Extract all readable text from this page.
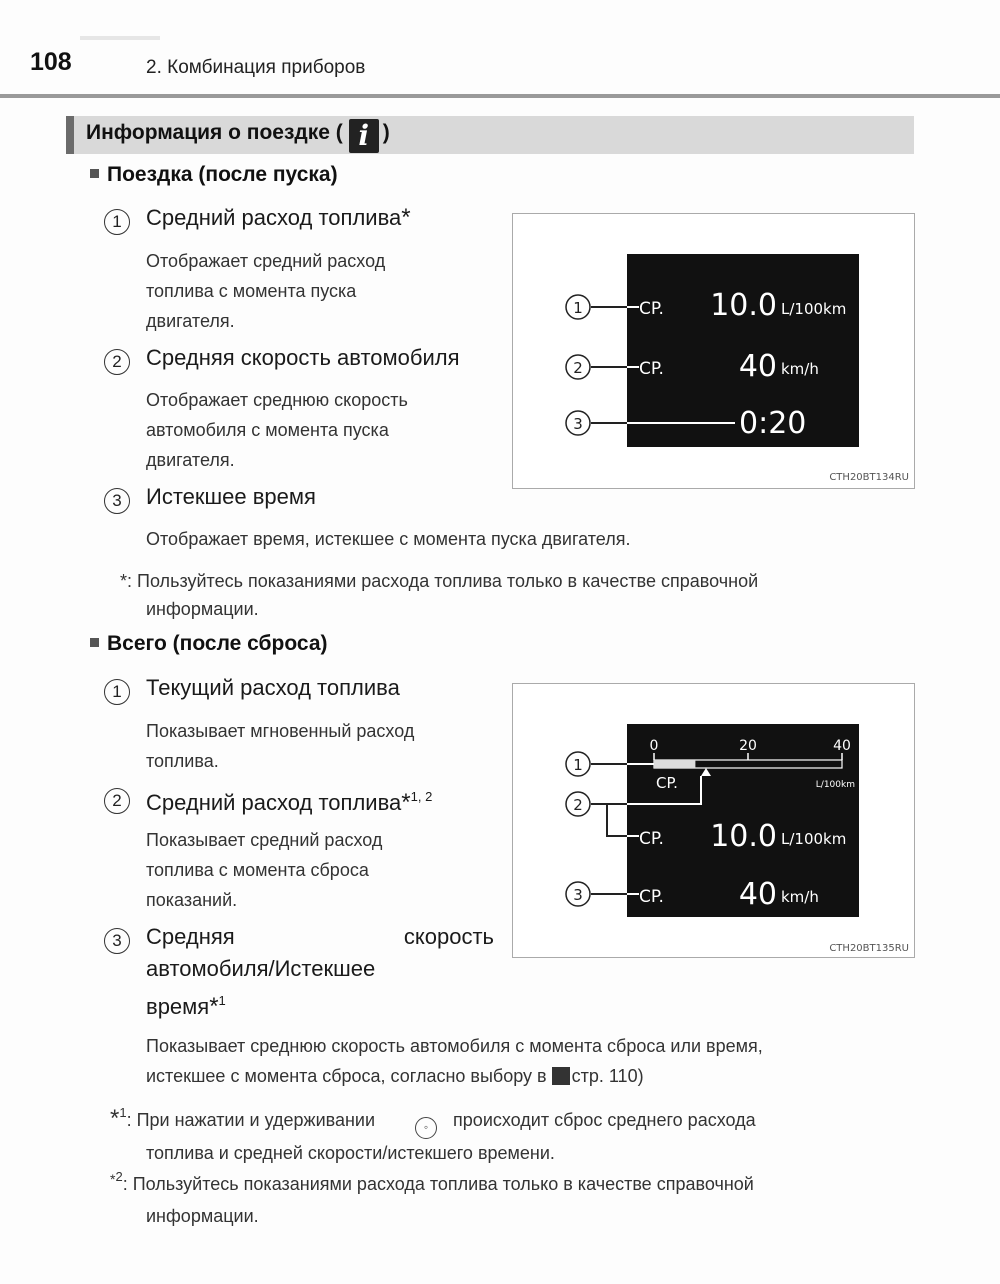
108	2. Комбинация приборов
Информация о поездке ( i )
Поездка (после пуска)
1	Средний расход топлива*
Отображает средний расход
топлива с момента пуска
двигателя.
2	Средняя скорость автомобиля
Отображает среднюю скорость
автомобиля с момента пуска
двигателя.
3	Истекшее время
Отображает время, истекшее с момента пуска двигателя.
*: Пользуйтесь показаниями расхода топлива только в качестве справочной
информации.
1
2
3
CP. 10.0 L/100km
CP. 40 km/h
0:20
CTH20BT134RU
Всего (после сброса)
1	Текущий расход топлива
Показывает мгновенный расход
топлива.
2	Средний расход топлива*$^{1, 2}$
Показывает средний расход
топлива с момента сброса
показаний.
3	Средняя	скорость
автомобиля/Истекшее
время*$^1$
Показывает среднюю скорость автомобиля с момента сброса или время,
истекшее с момента сброса, согласно выбору в стр. 110)
*$^1$: При нажатии и удерживании	◦ происходит сброс среднего расхода
топлива и средней скорости/истекшего времени.
$^{*2}$: Пользуйтесь показаниями расхода топлива только в качестве справочной
информации.
0	20	40
CP.	L/100km
1
2
3
CP. 10.0 L/100km
CP. 40 km/h
CTH20BT135RU
